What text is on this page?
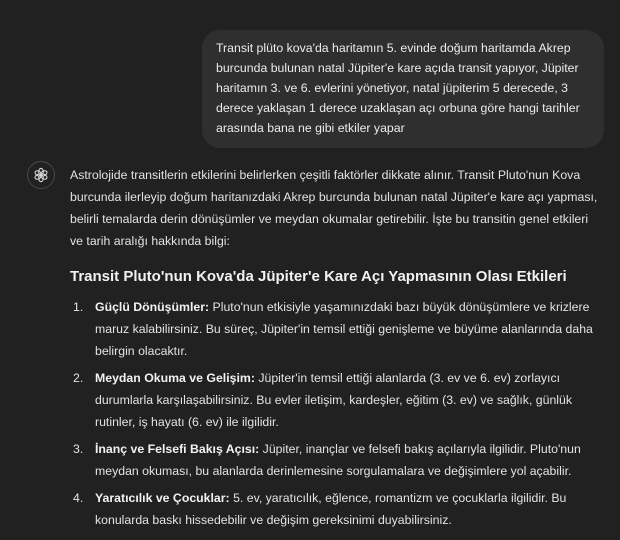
Transit plüto kova'da haritamın 5. evinde doğum haritamda Akrep burcunda bulunan natal Jüpiter'e kare açıda transit yapıyor, Jüpiter haritamın 3. ve 6. evlerini yönetiyor, natal jüpiterim 5 derecede, 3 derece yaklaşan 1 derece uzaklaşan açı orbuna göre hangi tarihler arasında bana ne gibi etkiler yapar

Astrolojide transitlerin etkilerini belirlerken çeşitli faktörler dikkate alınır. Transit Pluto'nun Kova burcunda ilerleyip doğum haritanızdaki Akrep burcunda bulunan natal Jüpiter'e kare açı yapması, belirli temalarda derin dönüşümler ve meydan okumalar getirebilir. İşte bu transitin genel etkileri ve tarih aralığı hakkında bilgi:

Transit Pluto'nun Kova'da Jüpiter'e Kare Açı Yapmasının Olası Etkileri
1. Güçlü Dönüşümler: Pluto'nun etkisiyle yaşamınızdaki bazı büyük dönüşümlere ve krizlere maruz kalabilirsiniz. Bu süreç, Jüpiter'in temsil ettiği genişleme ve büyüme alanlarında daha belirgin olacaktır.
2. Meydan Okuma ve Gelişim: Jüpiter'in temsil ettiği alanlarda (3. ev ve 6. ev) zorlayıcı durumlarla karşılaşabilirsiniz. Bu evler iletişim, kardeşler, eğitim (3. ev) ve sağlık, günlük rutinler, iş hayatı (6. ev) ile ilgilidir.
3. İnanç ve Felsefi Bakış Açısı: Jüpiter, inançlar ve felsefi bakış açılarıyla ilgilidir. Pluto'nun meydan okuması, bu alanlarda derinlemesine sorgulamalara ve değişimlere yol açabilir.
4. Yaratıcılık ve Çocuklar: 5. ev, yaratıcılık, eğlence, romantizm ve çocuklarla ilgilidir. Bu konularda baskı hissedebilir ve değişim gereksinimi duyabilirsiniz.
